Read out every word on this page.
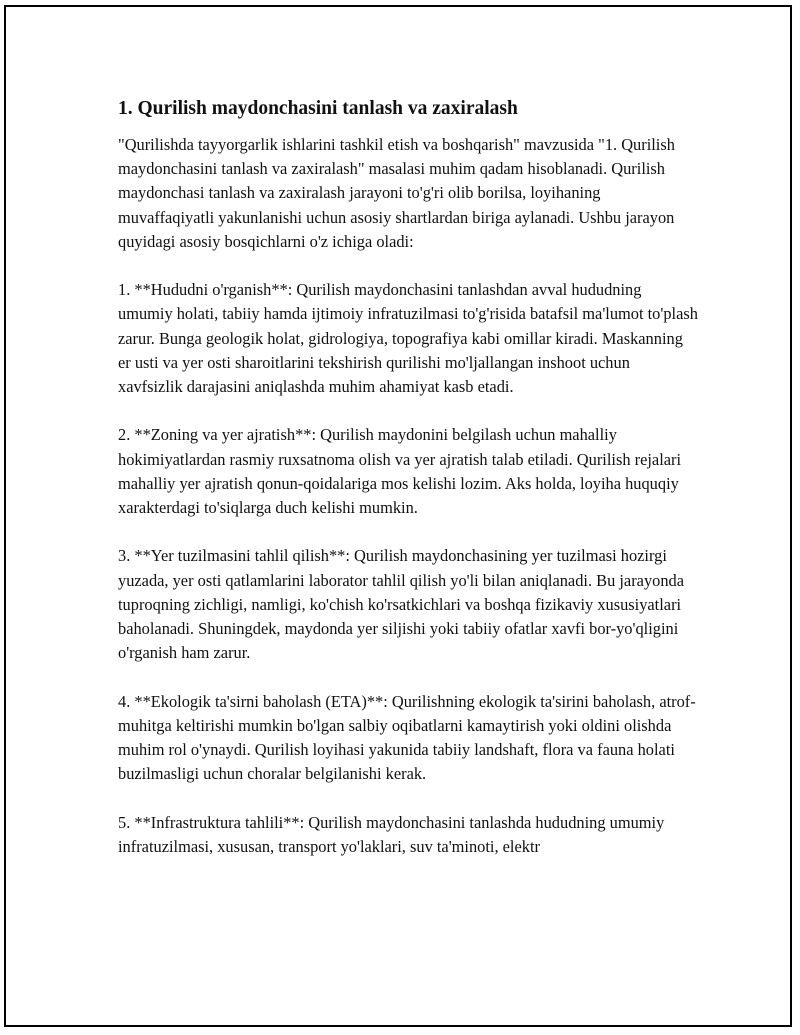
1. Qurilish maydonchasini tanlash va zaxiralash

"Qurilishda tayyorgarlik ishlarini tashkil etish va boshqarish" mavzusida "1. Qurilish maydonchasini tanlash va zaxiralash" masalasi muhim qadam hisoblanadi. Qurilish maydonchasi tanlash va zaxiralash jarayoni to'g'ri olib borilsa, loyihaning muvaffaqiyatli yakunlanishi uchun asosiy shartlardan biriga aylanadi. Ushbu jarayon quyidagi asosiy bosqichlarni o'z ichiga oladi:

1. **Hududni o'rganish**: Qurilish maydonchasini tanlashdan avval hududning umumiy holati, tabiiy hamda ijtimoiy infratuzilmasi to'g'risida batafsil ma'lumot to'plash zarur. Bunga geologik holat, gidrologiya, topografiya kabi omillar kiradi. Maskanning er usti va yer osti sharoitlarini tekshirish qurilishi mo'ljallangan inshoot uchun xavfsizlik darajasini aniqlashda muhim ahamiyat kasb etadi.

2. **Zoning va yer ajratish**: Qurilish maydonini belgilash uchun mahalliy hokimiyatlardan rasmiy ruxsatnoma olish va yer ajratish talab etiladi. Qurilish rejalari mahalliy yer ajratish qonun-qoidalariga mos kelishi lozim. Aks holda, loyiha huquqiy xarakterdagi to'siqlarga duch kelishi mumkin.

3. **Yer tuzilmasini tahlil qilish**: Qurilish maydonchasining yer tuzilmasi hozirgi yuzada, yer osti qatlamlarini laborator tahlil qilish yo'li bilan aniqlanadi. Bu jarayonda tuproqning zichligi, namligi, ko'chish ko'rsatkichlari va boshqa fizikaviy xususiyatlari baholanadi. Shuningdek, maydonda yer siljishi yoki tabiiy ofatlar xavfi bor-yo'qligini o'rganish ham zarur.

4. **Ekologik ta'sirni baholash (ETA)**: Qurilishning ekologik ta'sirini baholash, atrof-muhitga keltirishi mumkin bo'lgan salbiy oqibatlarni kamaytirish yoki oldini olishda muhim rol o'ynaydi. Qurilish loyihasi yakunida tabiiy landshaft, flora va fauna holati buzilmasligi uchun choralar belgilanishi kerak.

5. **Infrastruktura tahlili**: Qurilish maydonchasini tanlashda hududning umumiy infratuzilmasi, xususan, transport yo'laklari, suv ta'minoti, elektr
